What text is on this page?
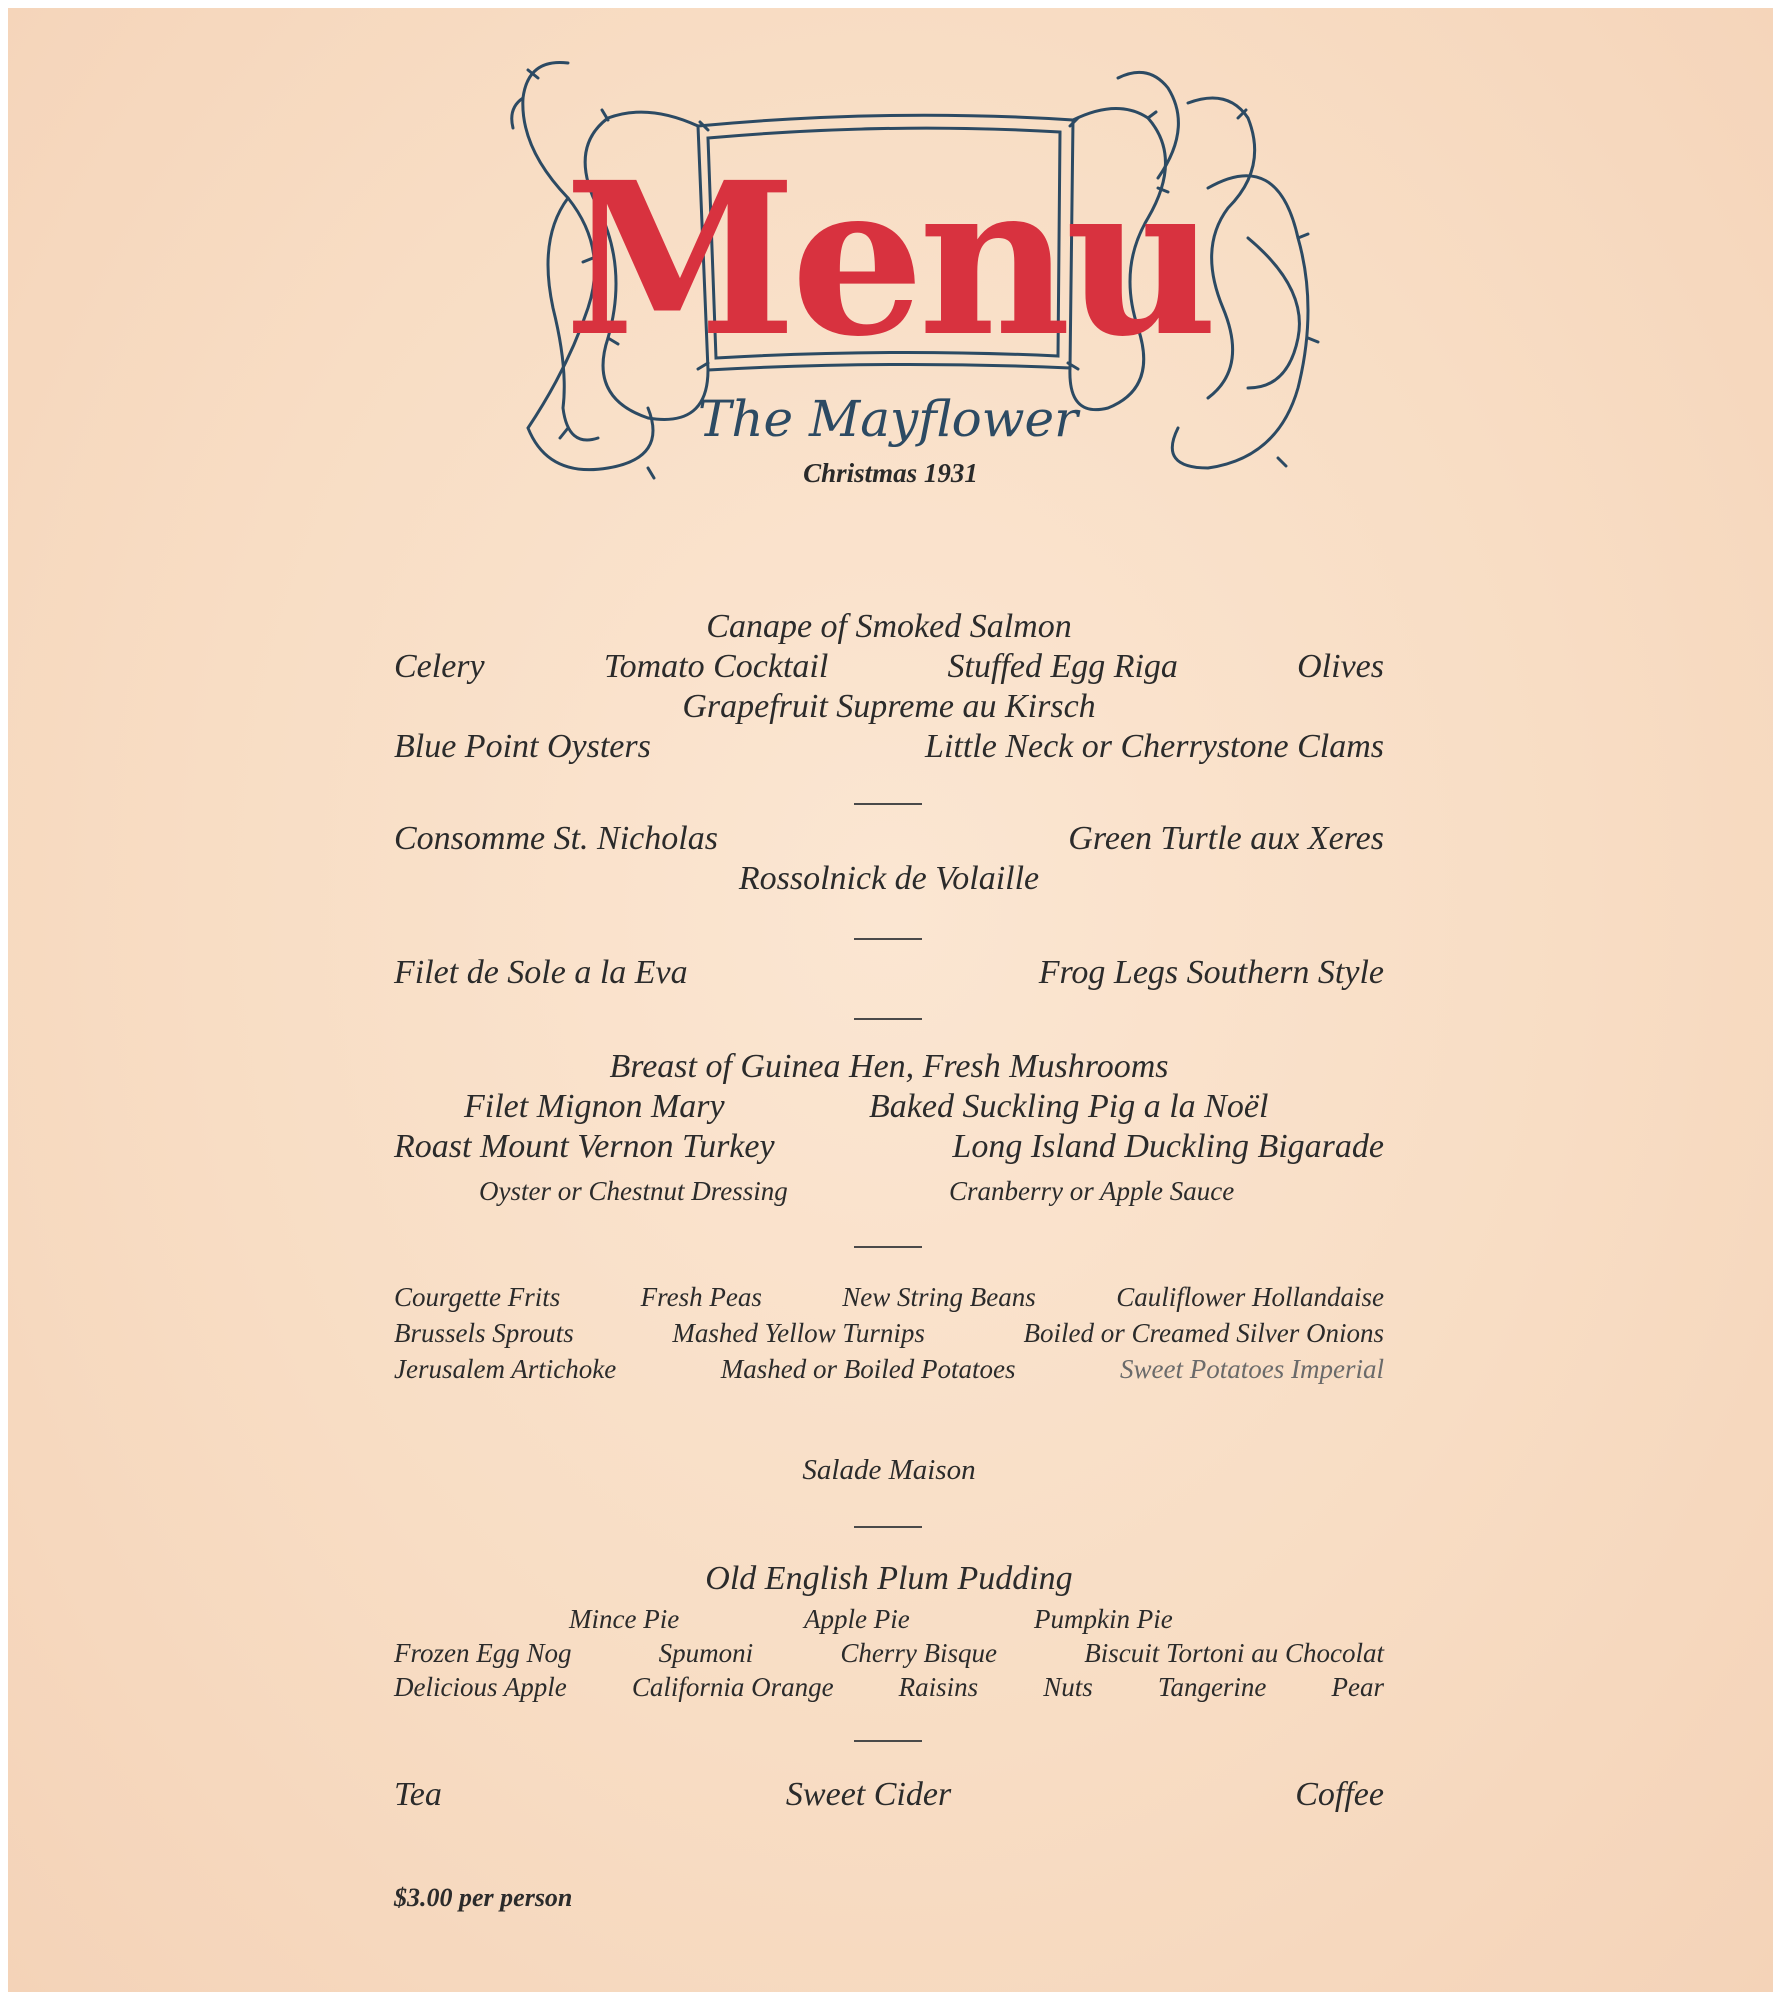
Menu
The Mayflower
Christmas 1931
Canape of Smoked Salmon
Celery	Tomato Cocktail	Stuffed Egg Riga	Olives
Grapefruit Supreme au Kirsch
Blue Point Oysters	Little Neck or Cherrystone Clams
Consomme St. Nicholas	Green Turtle aux Xeres
Rossolnick de Volaille
Filet de Sole a la Eva	Frog Legs Southern Style
Breast of Guinea Hen, Fresh Mushrooms
Filet Mignon Mary	Baked Suckling Pig a la Noël
Roast Mount Vernon Turkey	Long Island Duckling Bigarade
Oyster or Chestnut Dressing	Cranberry or Apple Sauce
Courgette Frits	Fresh Peas	New String Beans	Cauliflower Hollandaise
Brussels Sprouts	Mashed Yellow Turnips	Boiled or Creamed Silver Onions
Jerusalem Artichoke	Mashed or Boiled Potatoes	Sweet Potatoes Imperial
Salade Maison
Old English Plum Pudding
Mince Pie	Apple Pie	Pumpkin Pie
Frozen Egg Nog	Spumoni	Cherry Bisque	Biscuit Tortoni au Chocolat
Delicious Apple California Orange Raisins Nuts Tangerine Pear
Tea	Sweet Cider	Coffee
$3.00 per person
